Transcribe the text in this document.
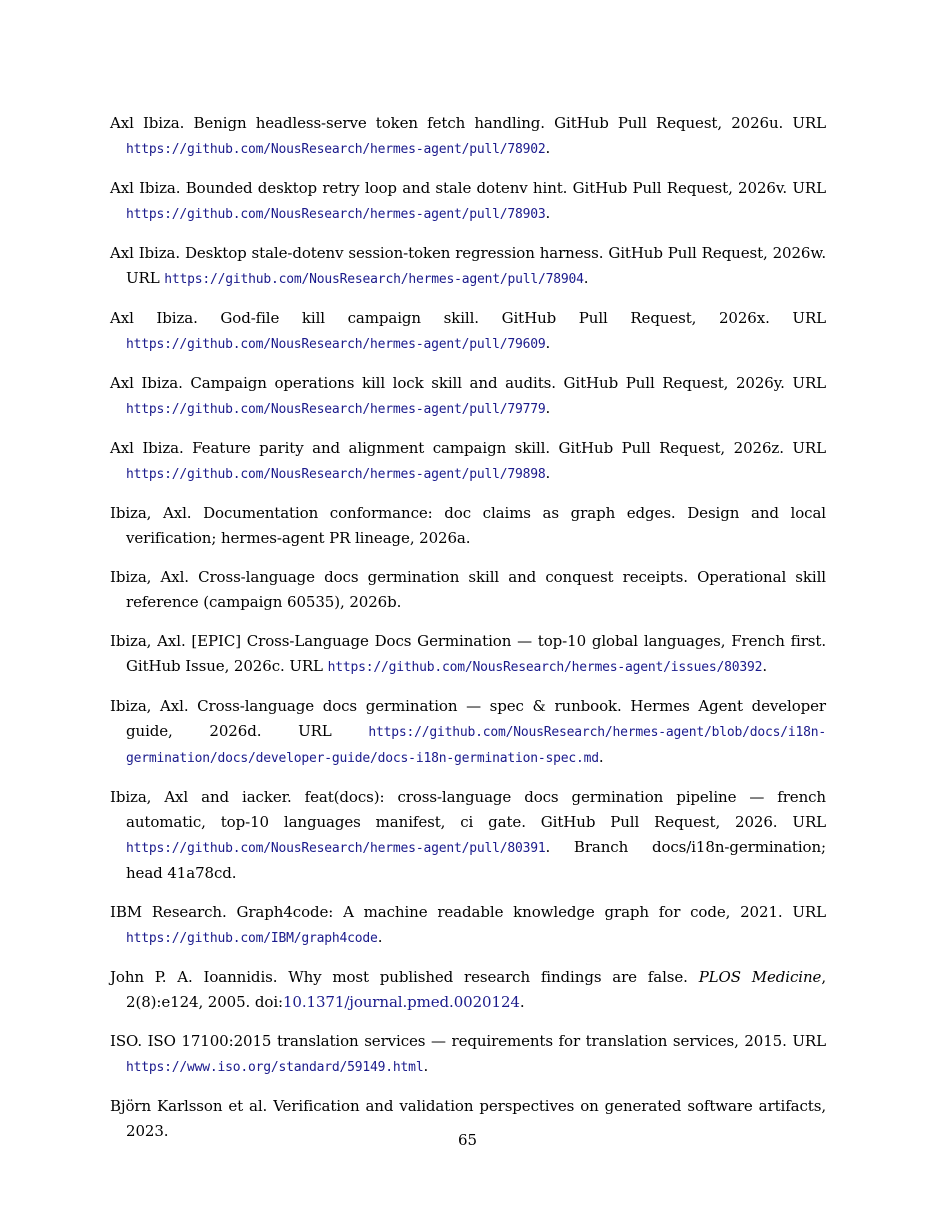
Axl Ibiza. Benign headless-serve token fetch handling. GitHub Pull Request, 2026u. URL https://github.com/NousResearch/hermes-agent/pull/78902.
Axl Ibiza. Bounded desktop retry loop and stale dotenv hint. GitHub Pull Request, 2026v. URL https://github.com/NousResearch/hermes-agent/pull/78903.
Axl Ibiza. Desktop stale-dotenv session-token regression harness. GitHub Pull Request, 2026w. URL https://github.com/NousResearch/hermes-agent/pull/78904.
Axl Ibiza. God-file kill campaign skill. GitHub Pull Request, 2026x. URL https://github.com/NousResearch/hermes-agent/pull/79609.
Axl Ibiza. Campaign operations kill lock skill and audits. GitHub Pull Request, 2026y. URL https://github.com/NousResearch/hermes-agent/pull/79779.
Axl Ibiza. Feature parity and alignment campaign skill. GitHub Pull Request, 2026z. URL https://github.com/NousResearch/hermes-agent/pull/79898.
Ibiza, Axl. Documentation conformance: doc claims as graph edges. Design and local verification; hermes-agent PR lineage, 2026a.
Ibiza, Axl. Cross-language docs germination skill and conquest receipts. Operational skill reference (campaign 60535), 2026b.
Ibiza, Axl. [EPIC] Cross-Language Docs Germination — top-10 global languages, French first. GitHub Issue, 2026c. URL https://github.com/NousResearch/hermes-agent/issues/80392.
Ibiza, Axl. Cross-language docs germination — spec & runbook. Hermes Agent developer guide, 2026d. URL https://github.com/NousResearch/hermes-agent/blob/docs/i18n-germination/docs/developer-guide/docs-i18n-germination-spec.md.
Ibiza, Axl and iacker. feat(docs): cross-language docs germination pipeline — french automatic, top-10 languages manifest, ci gate. GitHub Pull Request, 2026. URL https://github.com/NousResearch/hermes-agent/pull/80391. Branch docs/i18n-germination; head 41a78cd.
IBM Research. Graph4code: A machine readable knowledge graph for code, 2021. URL https://github.com/IBM/graph4code.
John P. A. Ioannidis. Why most published research findings are false. PLOS Medicine, 2(8):e124, 2005. doi:10.1371/journal.pmed.0020124.
ISO. ISO 17100:2015 translation services — requirements for translation services, 2015. URL https://www.iso.org/standard/59149.html.
Björn Karlsson et al. Verification and validation perspectives on generated software artifacts, 2023.	65
